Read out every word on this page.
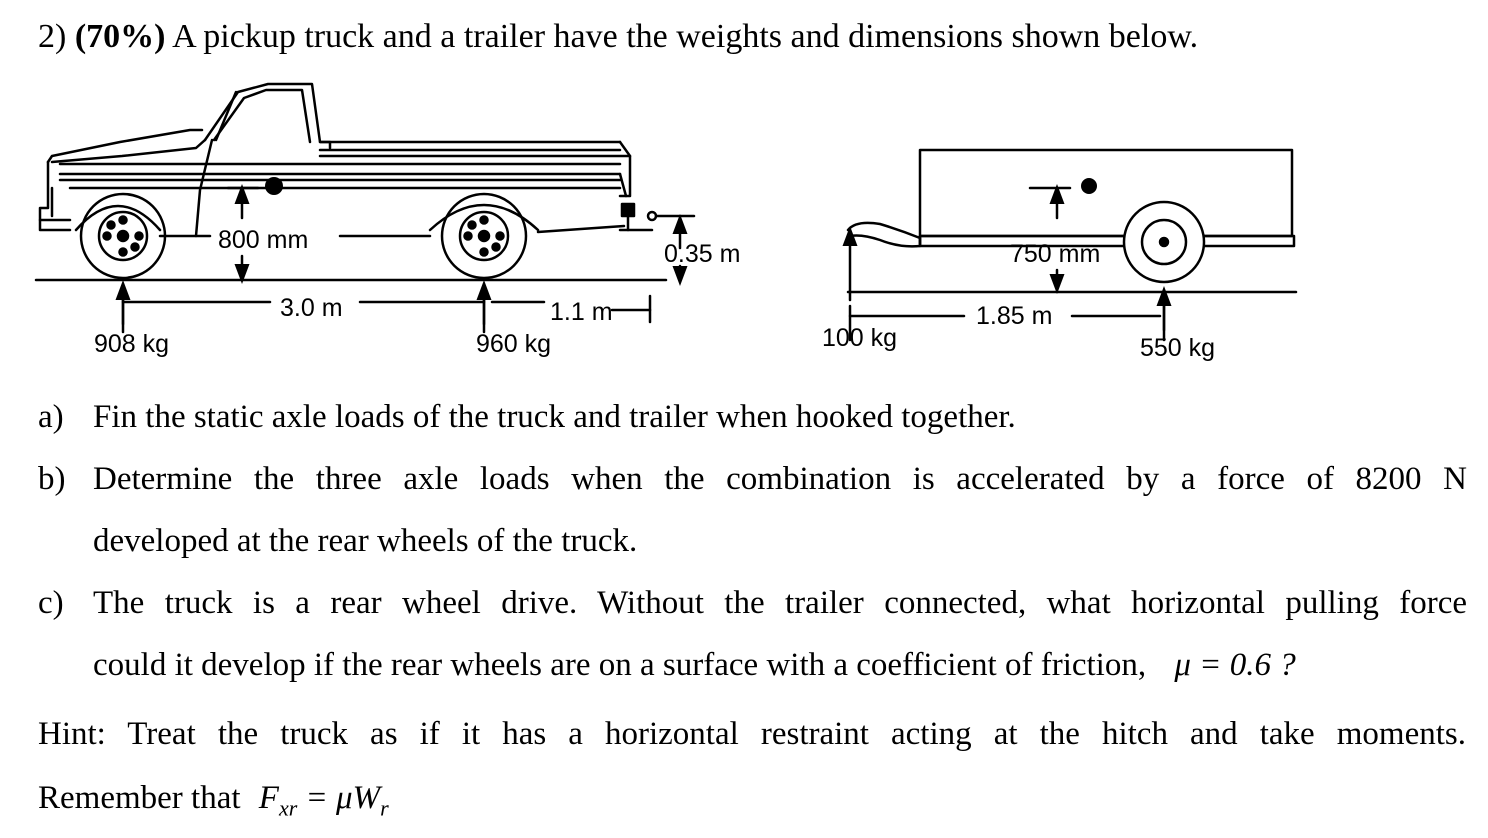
2) (70%) A pickup truck and a trailer have the weights and dimensions shown below.
800 mm	0.35 m
3.0 m	1.1 m
908 kg	960 kg
750 mm
1.85 m
100 kg	550 kg
a) Fin the static axle loads of the truck and trailer when hooked together.
b) Determine the three axle loads when the combination is accelerated by a force of 8200 N
developed at the rear wheels of the truck.
c) The truck is a rear wheel drive. Without the trailer connected, what horizontal pulling force
could it develop if the rear wheels are on a surface with a coefficient of friction, μ = 0.6 ?
Hint: Treat the truck as if it has a horizontal restraint acting at the hitch and take moments.
Remember that $F_{xr} = \mu W_r$
